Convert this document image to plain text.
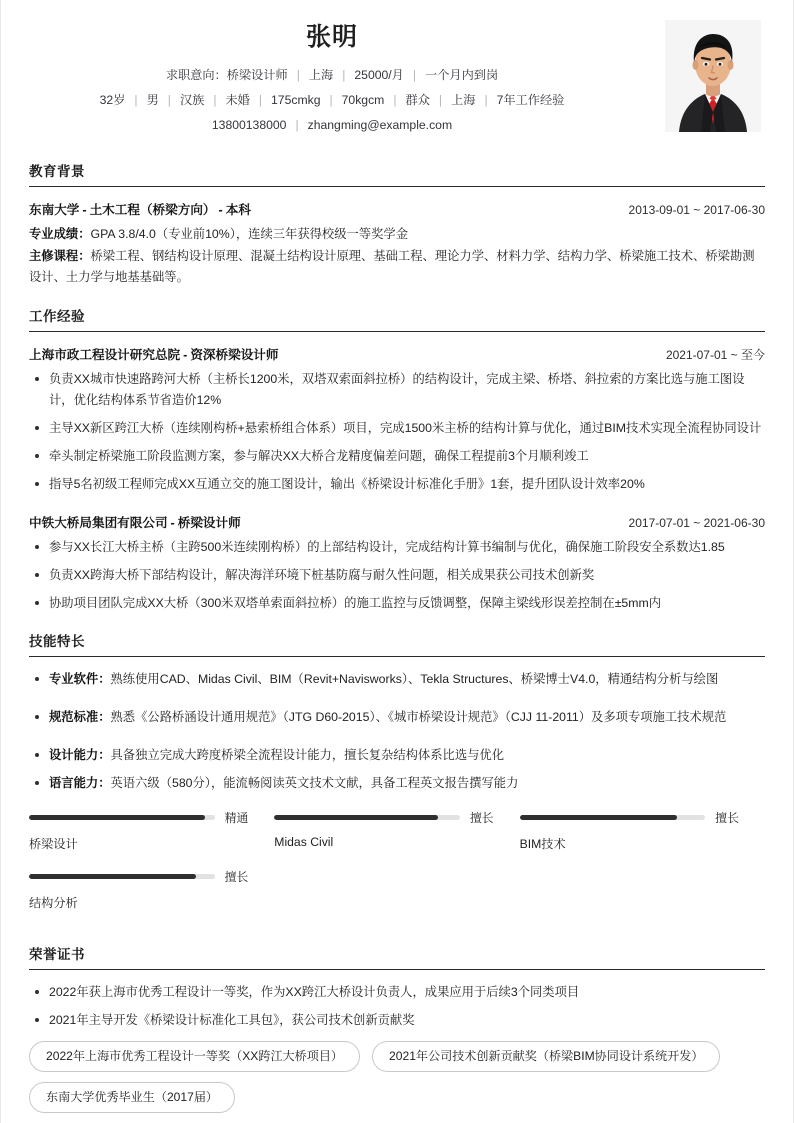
张明
求职意向：桥梁设计师 | 上海 | 25000/月 | 一个月内到岗
32岁 | 男 | 汉族 | 未婚 | 175cmkg | 70kgcm | 群众 | 上海 | 7年工作经验
13800138000 | zhangming@example.com
教育背景
东南大学 - 土木工程（桥梁方向） - 本科	2013-09-01 ~ 2017-06-30
专业成绩：GPA 3.8/4.0（专业前10%），连续三年获得校级一等奖学金
主修课程：桥梁工程、钢结构设计原理、混凝土结构设计原理、基础工程、理论力学、材料力学、结构力学、桥梁施工技术、桥梁勘测设计、土力学与地基基础等。
工作经验
上海市政工程设计研究总院 - 资深桥梁设计师	2021-07-01 ~ 至今
负责XX城市快速路跨河大桥（主桥长1200米，双塔双索面斜拉桥）的结构设计，完成主梁、桥塔、斜拉索的方案比选与施工图设计，优化结构体系节省造价12%
主导XX新区跨江大桥（连续刚构桥+悬索桥组合体系）项目，完成1500米主桥的结构计算与优化，通过BIM技术实现全流程协同设计
牵头制定桥梁施工阶段监测方案，参与解决XX大桥合龙精度偏差问题，确保工程提前3个月顺利竣工
指导5名初级工程师完成XX互通立交的施工图设计，输出《桥梁设计标准化手册》1套，提升团队设计效率20%
中铁大桥局集团有限公司 - 桥梁设计师	2017-07-01 ~ 2021-06-30
参与XX长江大桥主桥（主跨500米连续刚构桥）的上部结构设计，完成结构计算书编制与优化，确保施工阶段安全系数达1.85
负责XX跨海大桥下部结构设计，解决海洋环境下桩基防腐与耐久性问题，相关成果获公司技术创新奖
协助项目团队完成XX大桥（300米双塔单索面斜拉桥）的施工监控与反馈调整，保障主梁线形误差控制在±5mm内
技能特长
专业软件：熟练使用CAD、Midas Civil、BIM（Revit+Navisworks）、Tekla Structures、桥梁博士V4.0，精通结构分析与绘图
规范标准：熟悉《公路桥涵设计通用规范》（JTG D60-2015）、《城市桥梁设计规范》（CJJ 11-2011）及多项专项施工技术规范
设计能力：具备独立完成大跨度桥梁全流程设计能力，擅长复杂结构体系比选与优化
语言能力：英语六级（580分），能流畅阅读英文技术文献，具备工程英文报告撰写能力
精通
桥梁设计
擅长
Midas Civil
擅长
BIM技术
擅长
结构分析
荣誉证书
2022年获上海市优秀工程设计一等奖，作为XX跨江大桥设计负责人，成果应用于后续3个同类项目
2021年主导开发《桥梁设计标准化工具包》，获公司技术创新贡献奖
2022年上海市优秀工程设计一等奖（XX跨江大桥项目）	2021年公司技术创新贡献奖（桥梁BIM协同设计系统开发）
东南大学优秀毕业生（2017届）
